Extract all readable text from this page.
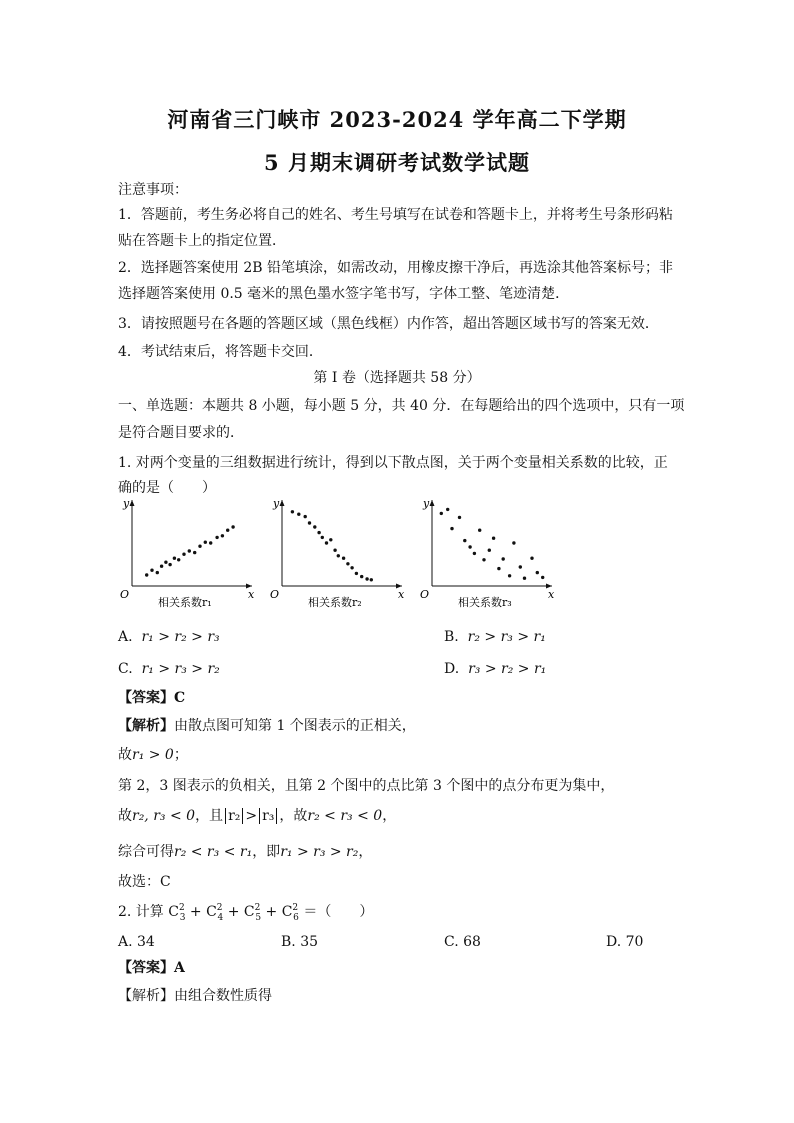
河南省三门峡市 2023-2024 学年高二下学期
5 月期末调研考试数学试题
注意事项：
1．答题前，考生务必将自己的姓名、考生号填写在试卷和答题卡上，并将考生号条形码粘
贴在答题卡上的指定位置．
2．选择题答案使用 2B 铅笔填涂，如需改动，用橡皮擦干净后，再选涂其他答案标号；非
选择题答案使用 0.5 毫米的黑色墨水签字笔书写，字体工整、笔迹清楚．
3．请按照题号在各题的答题区域（黑色线框）内作答，超出答题区域书写的答案无效．
4．考试结束后，将答题卡交回．
第 I 卷（选择题共 58 分）
一、单选题：本题共 8 小题，每小题 5 分，共 40 分．在每题给出的四个选项中，只有一项
是符合题目要求的．
1. 对两个变量的三组数据进行统计，得到以下散点图，关于两个变量相关系数的比较，正
确的是（　　）
y
x
O
相关系数r₁
y
x
O
相关系数r₂
y
x
O
相关系数r₃
A. r₁ > r₂ > r₃	B. r₂ > r₃ > r₁
C. r₁ > r₃ > r₂	D. r₃ > r₂ > r₁
【答案】C
【解析】由散点图可知第 1 个图表示的正相关，
故r₁ > 0；
第 2，3 图表示的负相关，且第 2 个图中的点比第 3 个图中的点分布更为集中，
故r₂, r₃ < 0，且 r₂ > r₃ ，故r₂ < r₃ < 0，
综合可得r₂ < r₃ < r₁，即r₁ > r₃ > r₂，
故选：C
2. 计算 $C^2_3 + C^2_4 + C^2_5 + C^2_6$ ＝（　　）
A. 34	B. 35	C. 68	D. 70
【答案】A
【解析】由组合数性质得
